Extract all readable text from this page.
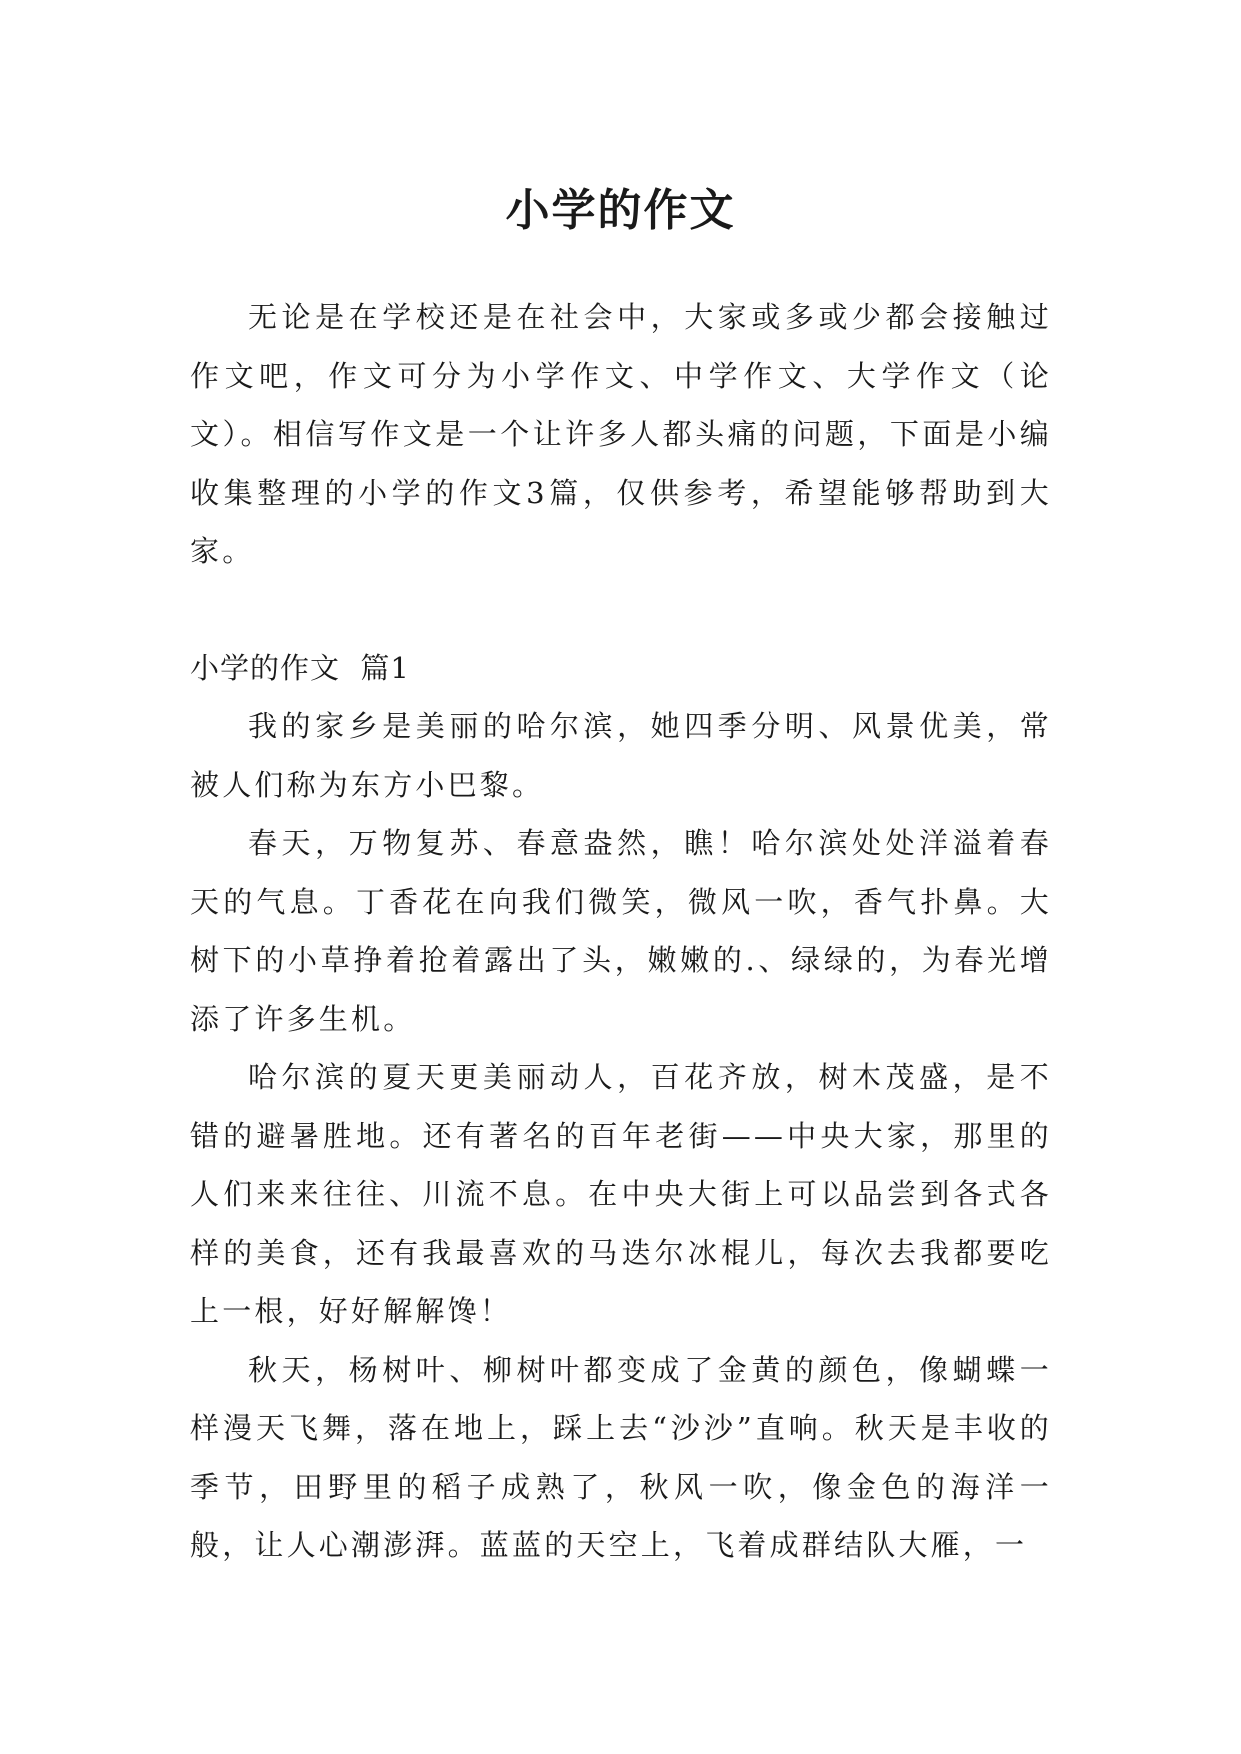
小学的作文

无论是在学校还是在社会中，大家或多或少都会接触过作文吧，作文可分为小学作文、中学作文、大学作文（论文）。相信写作文是一个让许多人都头痛的问题，下面是小编收集整理的小学的作文3篇，仅供参考，希望能够帮助到大家。

小学的作文  篇1

我的家乡是美丽的哈尔滨，她四季分明、风景优美，常被人们称为东方小巴黎。

春天，万物复苏、春意盎然，瞧！哈尔滨处处洋溢着春天的气息。丁香花在向我们微笑，微风一吹，香气扑鼻。大树下的小草挣着抢着露出了头，嫩嫩的.、绿绿的，为春光增添了许多生机。

哈尔滨的夏天更美丽动人，百花齐放，树木茂盛，是不错的避暑胜地。还有著名的百年老街——中央大家，那里的人们来来往往、川流不息。在中央大街上可以品尝到各式各样的美食，还有我最喜欢的马迭尔冰棍儿，每次去我都要吃上一根，好好解解馋！

秋天，杨树叶、柳树叶都变成了金黄的颜色，像蝴蝶一样漫天飞舞，落在地上，踩上去“沙沙”直响。秋天是丰收的季节，田野里的稻子成熟了，秋风一吹，像金色的海洋一般，让人心潮澎湃。蓝蓝的天空上，飞着成群结队大雁，一
